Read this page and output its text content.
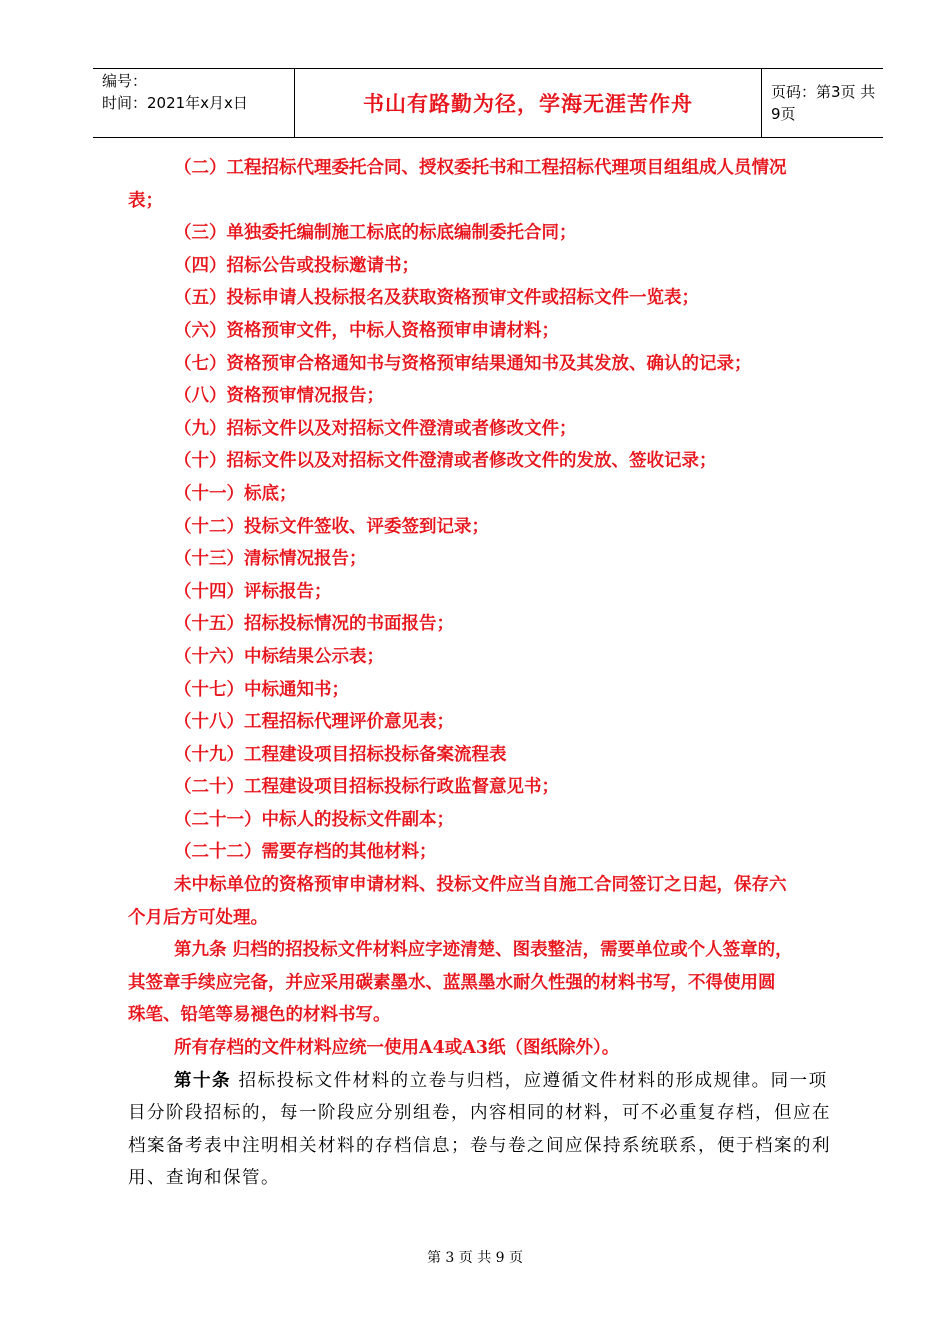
编号：
时间：2021年x月x日	书山有路勤为径，学海无涯苦作舟	页码：第3页 共9页
（二）工程招标代理委托合同、授权委托书和工程招标代理项目组组成人员情况
表；
（三）单独委托编制施工标底的标底编制委托合同；
（四）招标公告或投标邀请书；
（五）投标申请人投标报名及获取资格预审文件或招标文件一览表；
（六）资格预审文件，中标人资格预审申请材料；
（七）资格预审合格通知书与资格预审结果通知书及其发放、确认的记录；
（八）资格预审情况报告；
（九）招标文件以及对招标文件澄清或者修改文件；
（十）招标文件以及对招标文件澄清或者修改文件的发放、签收记录；
（十一）标底；
（十二）投标文件签收、评委签到记录；
（十三）清标情况报告；
（十四）评标报告；
（十五）招标投标情况的书面报告；
（十六）中标结果公示表；
（十七）中标通知书；
（十八）工程招标代理评价意见表；
（十九）工程建设项目招标投标备案流程表
（二十）工程建设项目招标投标行政监督意见书；
（二十一）中标人的投标文件副本；
（二十二）需要存档的其他材料；
未中标单位的资格预审申请材料、投标文件应当自施工合同签订之日起，保存六
个月后方可处理。
第九条 归档的招投标文件材料应字迹清楚、图表整洁，需要单位或个人签章的，
其签章手续应完备，并应采用碳素墨水、蓝黑墨水耐久性强的材料书写，不得使用圆
珠笔、铅笔等易褪色的材料书写。
所有存档的文件材料应统一使用A4或A3纸（图纸除外）。
第十条 招标投标文件材料的立卷与归档，应遵循文件材料的形成规律。同一项
目分阶段招标的，每一阶段应分别组卷，内容相同的材料，可不必重复存档，但应在
档案备考表中注明相关材料的存档信息；卷与卷之间应保持系统联系，便于档案的利
用、查询和保管。
第 3 页 共 9 页
